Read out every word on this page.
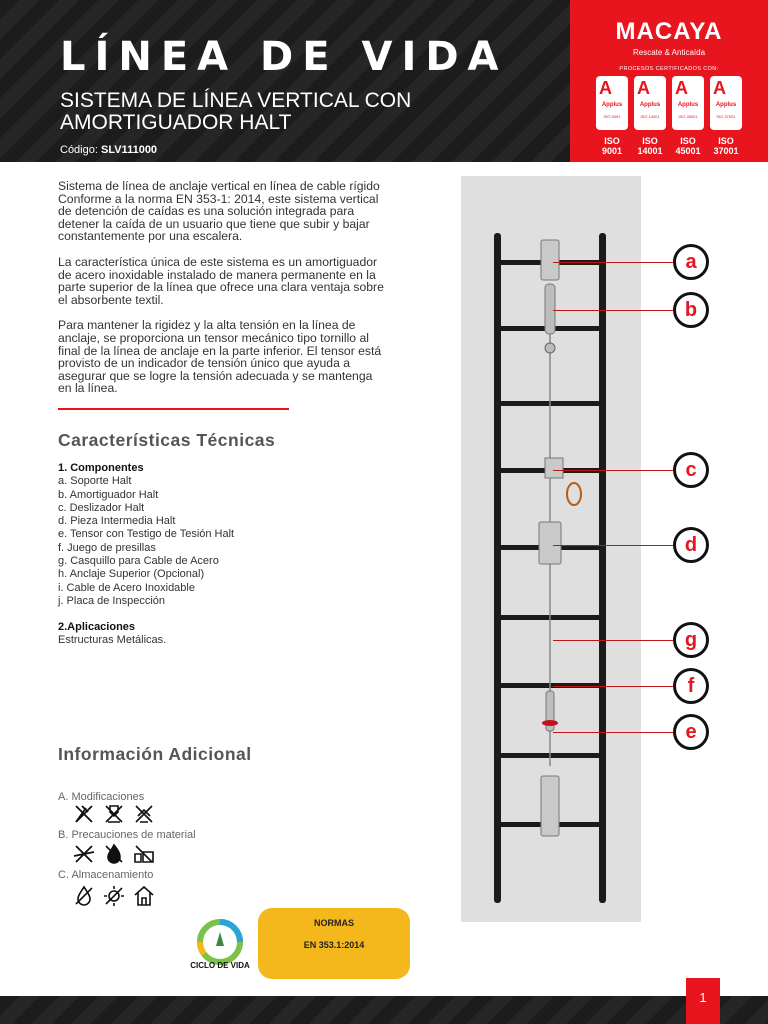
LÍNEA DE VIDA
SISTEMA DE LÍNEA VERTICAL CON
AMORTIGUADOR HALT
Código: SLV111000
MACAYA
Rescate & Anticaída
PROCESOS CERTIFICADOS CON:
A
Applus
ISO 9001
A
Applus
ISO 14001
A
Applus
ISO 45001
A
Applus
ISO 37001
ISO
9001
ISO
14001
ISO
45001
ISO
37001

Sistema de línea de anclaje vertical en línea de cable rígido Conforme a la norma EN 353-1: 2014, este sistema vertical de detención de caídas es una solución integrada para detener la caída de un usuario que tiene que subir y bajar constantemente por una escalera.

La característica única de este sistema es un amortiguador de acero inoxidable instalado de manera permanente en la parte superior de la línea que ofrece una clara ventaja sobre el absorbente textil.

Para mantener la rigidez y la alta tensión en la línea de anclaje, se proporciona un tensor mecánico tipo tornillo al final de la línea de anclaje en la parte inferior. El tensor está provisto de un indicador de tensión único que ayuda a asegurar que se logre la tensión adecuada y se mantenga en la línea.

Características Técnicas
1. Componentes
a. Soporte Halt
b. Amortiguador Halt
c. Deslizador Halt
d. Pieza Intermedia Halt
e. Tensor con Testigo de Tesión Halt
f. Juego de presillas
g. Casquillo para Cable de Acero
h. Anclaje Superior (Opcional)
i. Cable de Acero Inoxidable
j. Placa de Inspección
2.Aplicaciones
Estructuras Metálicas.
Información Adicional
A. Modificaciones
B. Precauciones de material
C. Almacenamiento
CICLO DE VIDA
NORMAS
EN 353.1:2014
a
b
c
d
g
f
e
1
